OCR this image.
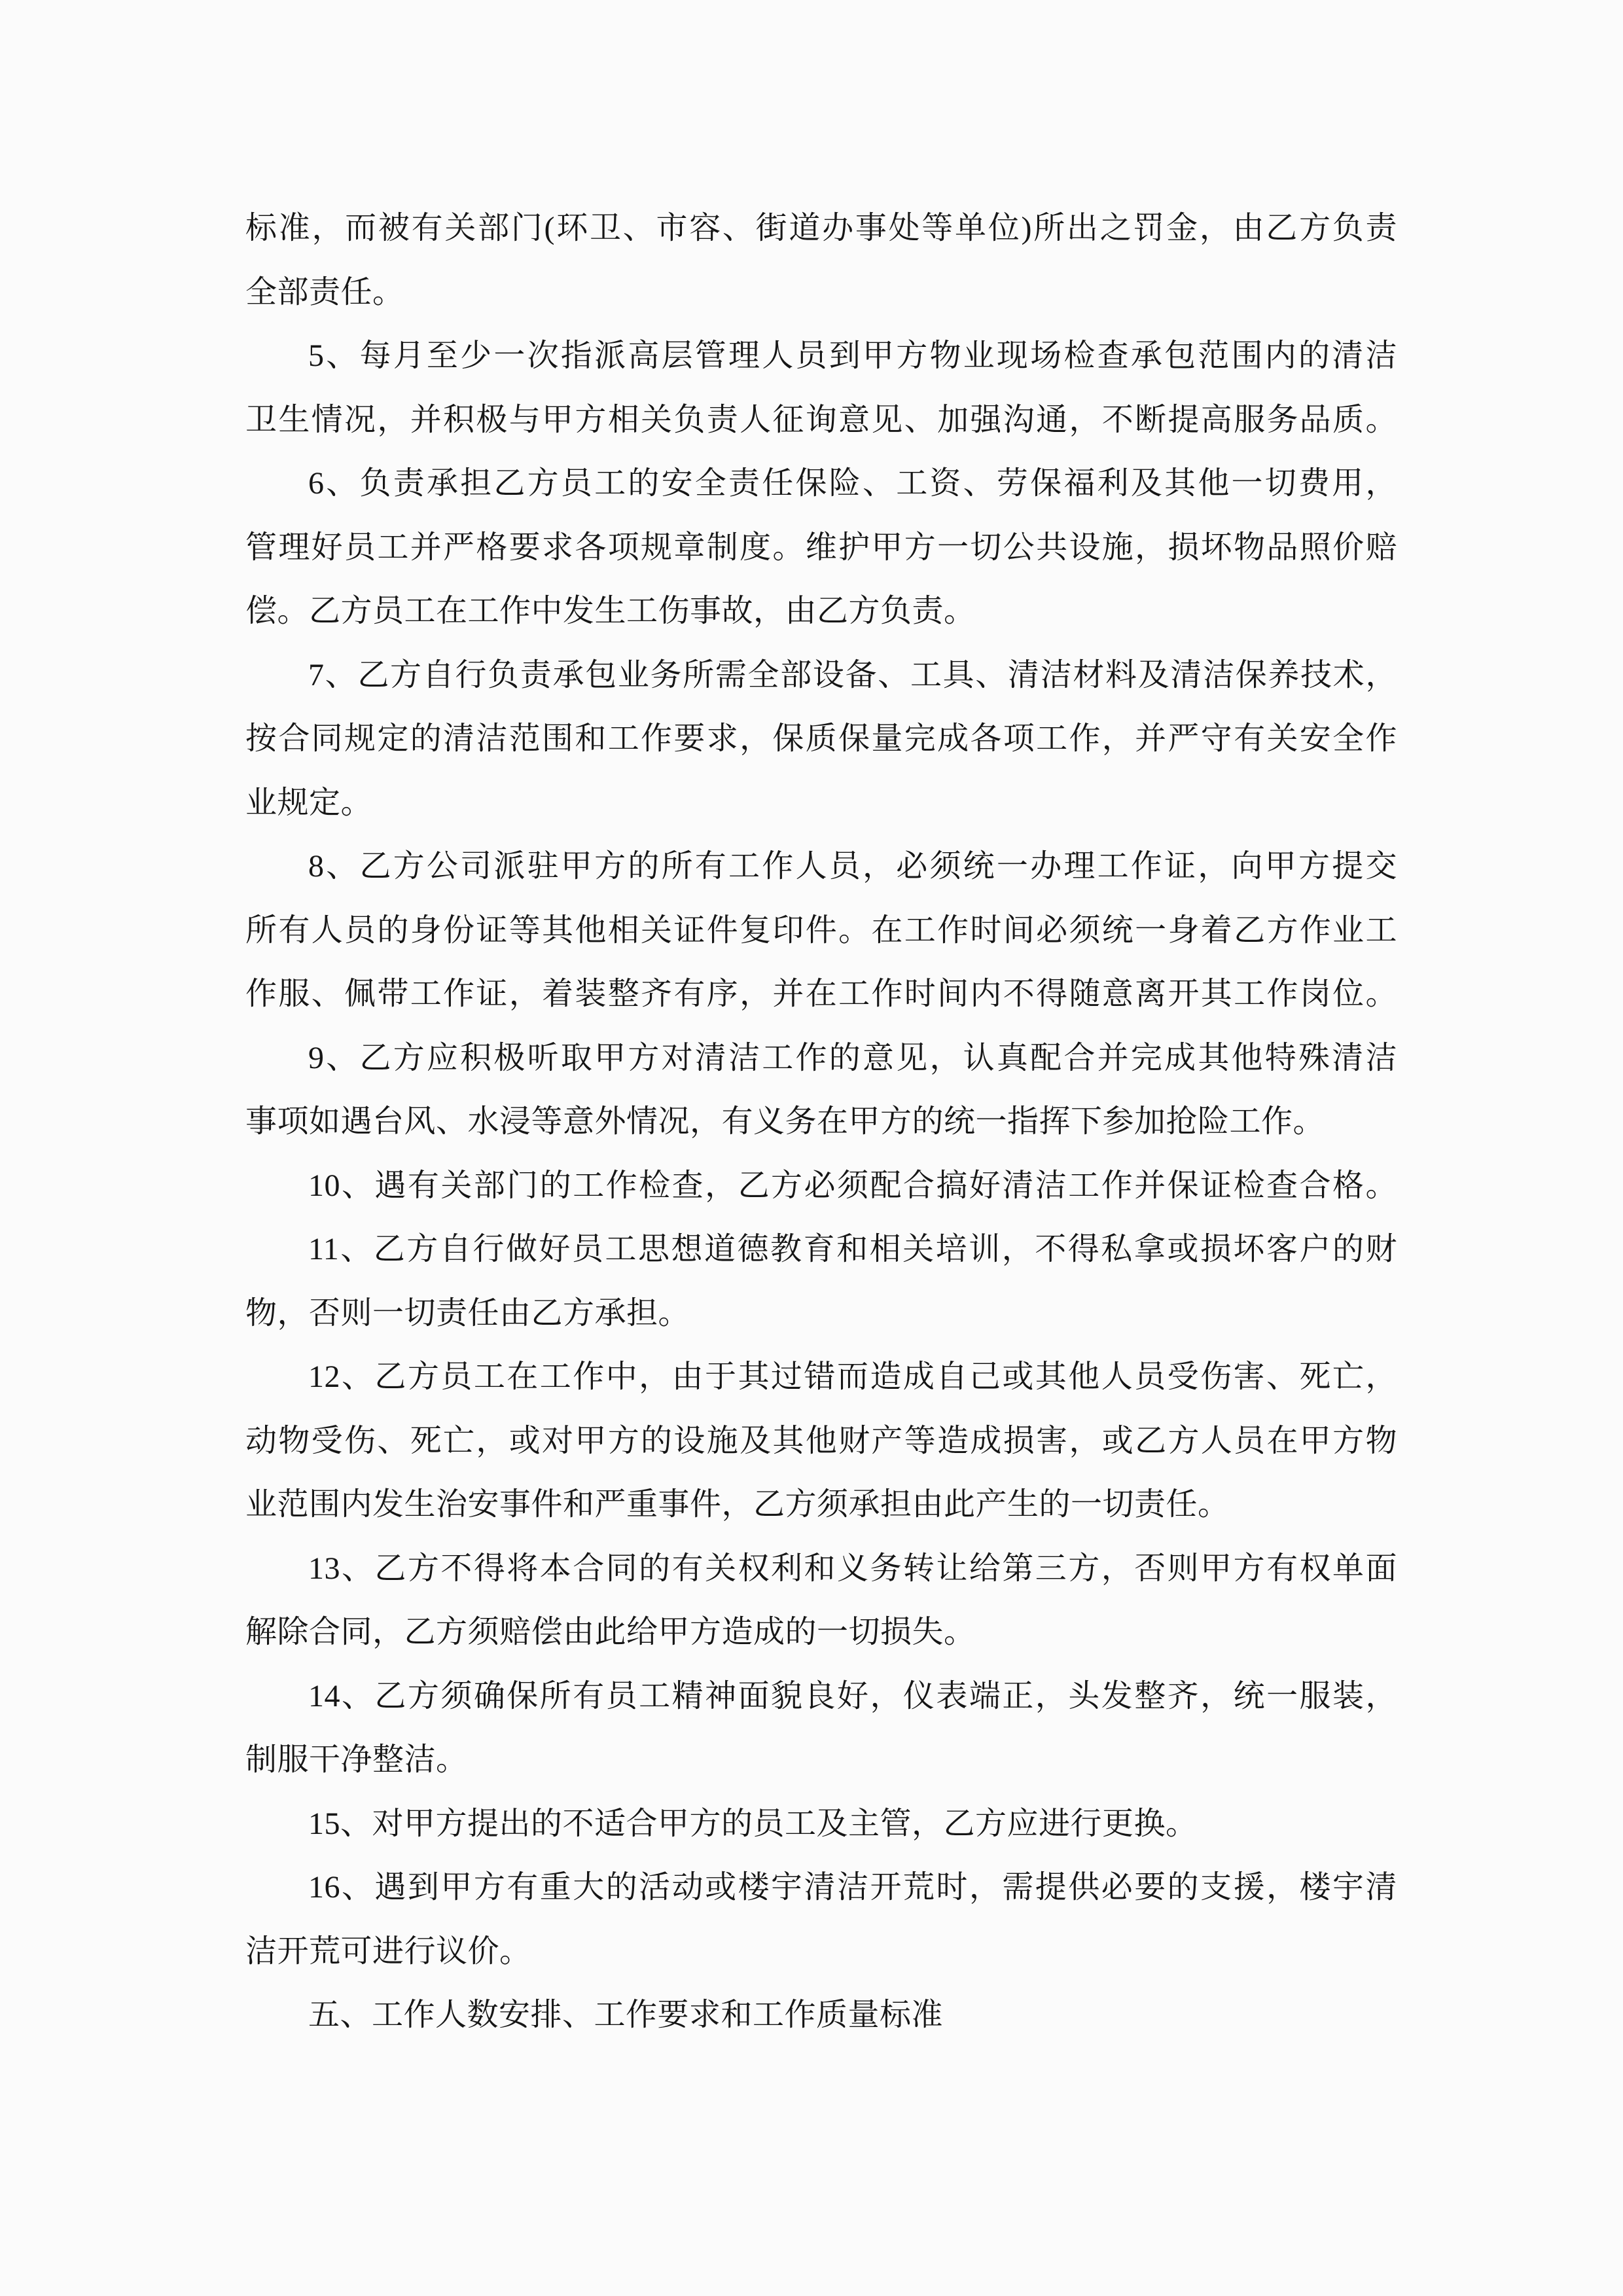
标准，而被有关部门(环卫、市容、街道办事处等单位)所出之罚金，由乙方负责
全部责任。
5、每月至少一次指派高层管理人员到甲方物业现场检查承包范围内的清洁
卫生情况，并积极与甲方相关负责人征询意见、加强沟通，不断提高服务品质。
6、负责承担乙方员工的安全责任保险、工资、劳保福利及其他一切费用，
管理好员工并严格要求各项规章制度。维护甲方一切公共设施，损坏物品照价赔
偿。乙方员工在工作中发生工伤事故，由乙方负责。
7、乙方自行负责承包业务所需全部设备、工具、清洁材料及清洁保养技术，
按合同规定的清洁范围和工作要求，保质保量完成各项工作，并严守有关安全作
业规定。
8、乙方公司派驻甲方的所有工作人员，必须统一办理工作证，向甲方提交
所有人员的身份证等其他相关证件复印件。在工作时间必须统一身着乙方作业工
作服、佩带工作证，着装整齐有序，并在工作时间内不得随意离开其工作岗位。
9、乙方应积极听取甲方对清洁工作的意见，认真配合并完成其他特殊清洁
事项如遇台风、水浸等意外情况，有义务在甲方的统一指挥下参加抢险工作。
10、遇有关部门的工作检查，乙方必须配合搞好清洁工作并保证检查合格。
11、乙方自行做好员工思想道德教育和相关培训，不得私拿或损坏客户的财
物，否则一切责任由乙方承担。
12、乙方员工在工作中，由于其过错而造成自己或其他人员受伤害、死亡，
动物受伤、死亡，或对甲方的设施及其他财产等造成损害，或乙方人员在甲方物
业范围内发生治安事件和严重事件，乙方须承担由此产生的一切责任。
13、乙方不得将本合同的有关权利和义务转让给第三方，否则甲方有权单面
解除合同，乙方须赔偿由此给甲方造成的一切损失。
14、乙方须确保所有员工精神面貌良好，仪表端正，头发整齐，统一服装，
制服干净整洁。
15、对甲方提出的不适合甲方的员工及主管，乙方应进行更换。
16、遇到甲方有重大的活动或楼宇清洁开荒时，需提供必要的支援，楼宇清
洁开荒可进行议价。
五、工作人数安排、工作要求和工作质量标准
